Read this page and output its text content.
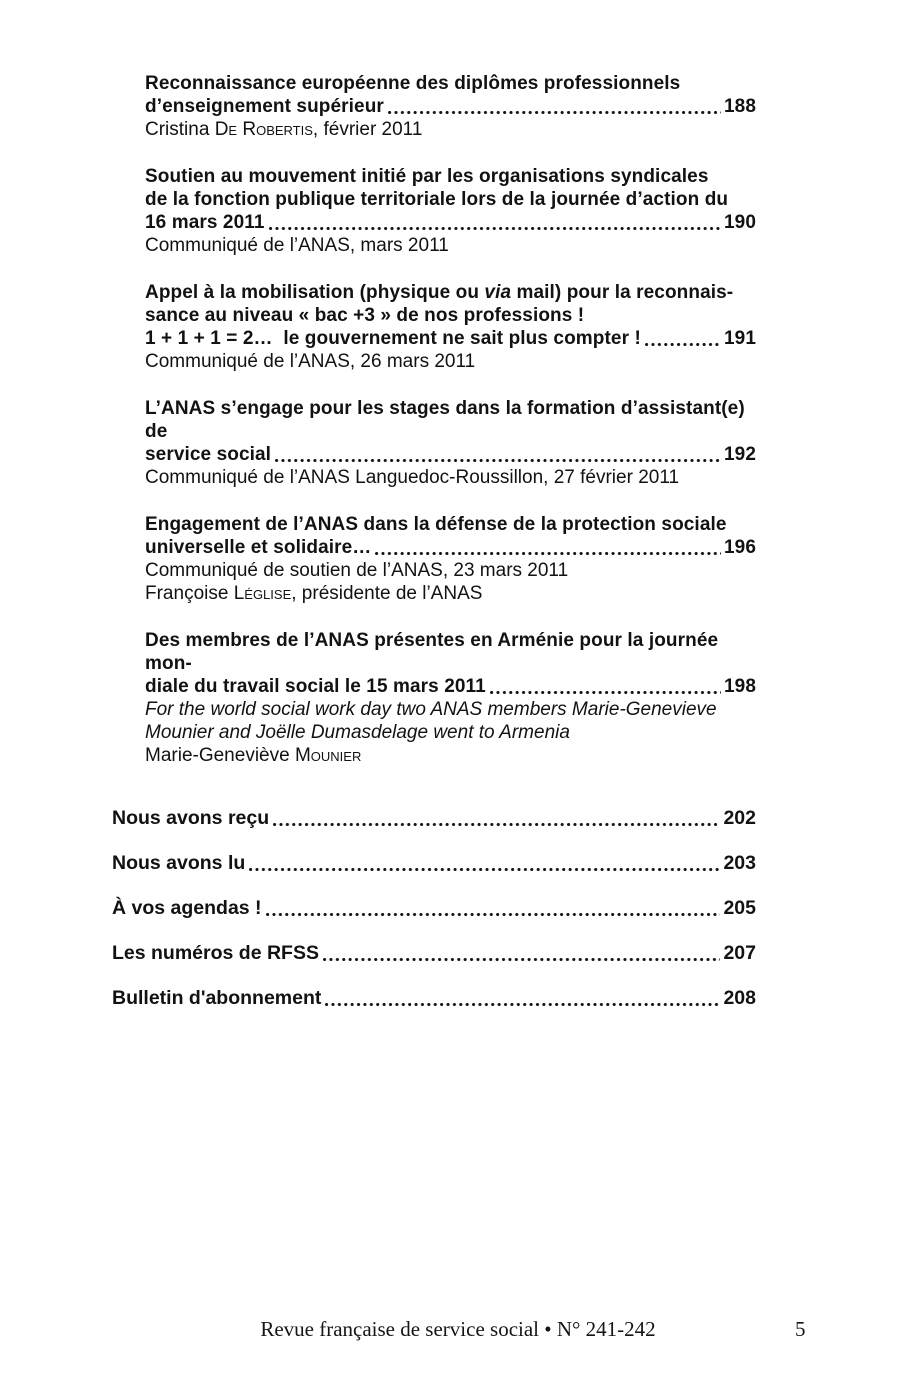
Reconnaissance européenne des diplômes professionnels
d’enseignement supérieur	188
Cristina De Robertis, février 2011
Soutien au mouvement initié par les organisations syndicales
de la fonction publique territoriale lors de la journée d’action du
16 mars 2011	190
Communiqué de l’ANAS, mars 2011
Appel à la mobilisation (physique ou via mail) pour la reconnais-
sance au niveau « bac +3 » de nos professions !
1 + 1 + 1 = 2…  le gouvernement ne sait plus compter !	191
Communiqué de l’ANAS, 26 mars 2011
L’ANAS s’engage pour les stages dans la formation d’assistant(e) de
service social	192
Communiqué de l’ANAS Languedoc-Roussillon, 27 février 2011
Engagement de l’ANAS dans la défense de la protection sociale
universelle et solidaire…	196
Communiqué de soutien de l’ANAS, 23 mars 2011
Françoise Léglise, présidente de l’ANAS
Des membres de l’ANAS présentes en Arménie pour la journée mon-
diale du travail social le 15 mars 2011	198
For the world social work day two ANAS members Marie-Genevieve
Mounier and Joëlle Dumasdelage went to Armenia
Marie-Geneviève Mounier
Nous avons reçu	202
Nous avons lu	203
À vos agendas !	205
Les numéros de RFSS	207
Bulletin d'abonnement	208
Revue française de service social • N° 241-242	5
